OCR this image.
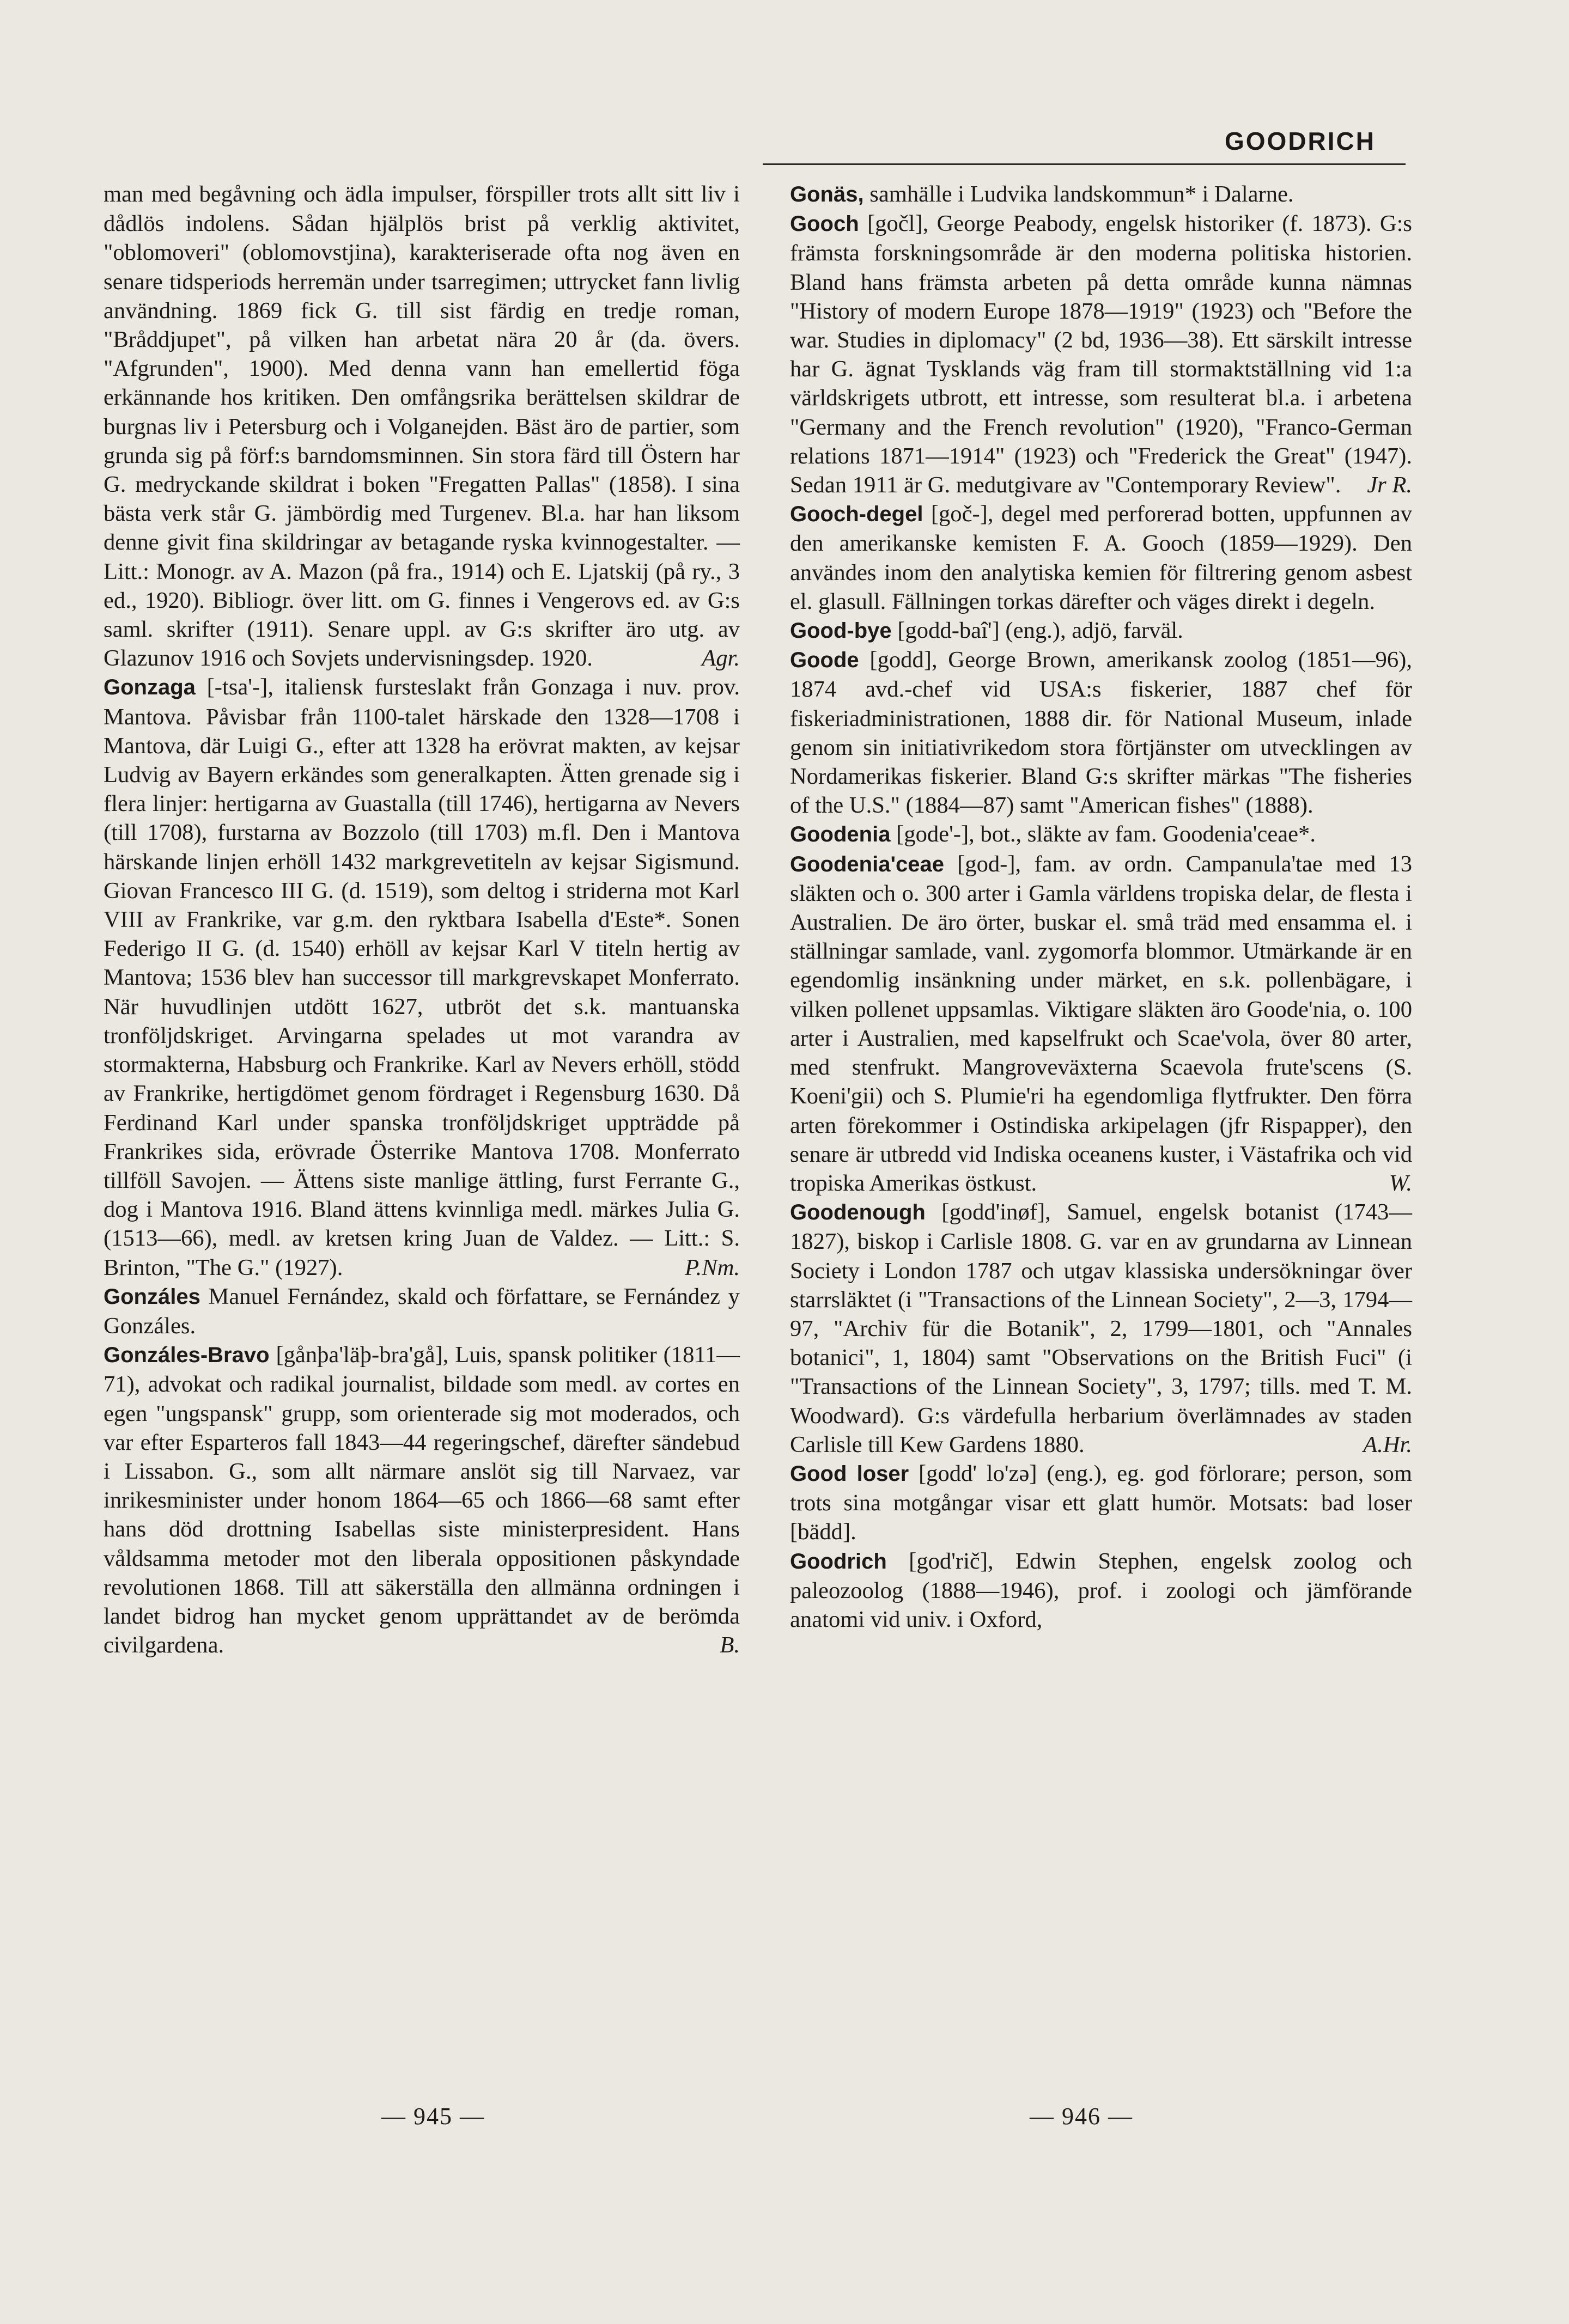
GOODRICH

man med begåvning och ädla impulser, förspiller trots allt sitt liv i dådlös indolens. Sådan hjälplös brist på verklig aktivitet, "oblomoveri" (oblomovstjina), karakteriserade ofta nog även en senare tidsperiods herremän under tsarregimen; uttrycket fann livlig användning. 1869 fick G. till sist färdig en tredje roman, "Bråddjupet", på vilken han arbetat nära 20 år (da. övers. "Afgrunden", 1900). Med denna vann han emellertid föga erkännande hos kritiken. Den omfångsrika berättelsen skildrar de burgnas liv i Petersburg och i Volganejden. Bäst äro de partier, som grunda sig på förf:s barndomsminnen. Sin stora färd till Östern har G. medryckande skildrat i boken "Fregatten Pallas" (1858). I sina bästa verk står G. jämbördig med Turgenev. Bl.a. har han liksom denne givit fina skildringar av betagande ryska kvinnogestalter. — Litt.: Monogr. av A. Mazon (på fra., 1914) och E. Ljatskij (på ry., 3 ed., 1920). Bibliogr. över litt. om G. finnes i Vengerovs ed. av G:s saml. skrifter (1911). Senare uppl. av G:s skrifter äro utg. av Glazunov 1916 och Sovjets undervisningsdep. 1920.	Agr.

Gonzaga [-tsa'-], italiensk fursteslakt från Gonzaga i nuv. prov. Mantova. Påvisbar från 1100-talet härskade den 1328—1708 i Mantova, där Luigi G., efter att 1328 ha erövrat makten, av kejsar Ludvig av Bayern erkändes som generalkapten. Ätten grenade sig i flera linjer: hertigarna av Guastalla (till 1746), hertigarna av Nevers (till 1708), furstarna av Bozzolo (till 1703) m.fl. Den i Mantova härskande linjen erhöll 1432 markgrevetiteln av kejsar Sigismund. Giovan Francesco III G. (d. 1519), som deltog i striderna mot Karl VIII av Frankrike, var g.m. den ryktbara Isabella d'Este*. Sonen Federigo II G. (d. 1540) erhöll av kejsar Karl V titeln hertig av Mantova; 1536 blev han successor till markgrevskapet Monferrato. När huvudlinjen utdött 1627, utbröt det s.k. mantuanska tronföljdskriget. Arvingarna spelades ut mot varandra av stormakterna, Habsburg och Frankrike. Karl av Nevers erhöll, stödd av Frankrike, hertigdömet genom fördraget i Regensburg 1630. Då Ferdinand Karl under spanska tronföljdskriget uppträdde på Frankrikes sida, erövrade Österrike Mantova 1708. Monferrato tillföll Savojen. — Ättens siste manlige ättling, furst Ferrante G., dog i Mantova 1916. Bland ättens kvinnliga medl. märkes Julia G. (1513—66), medl. av kretsen kring Juan de Valdez. — Litt.: S. Brinton, "The G." (1927).	P.Nm.

Gonzáles Manuel Fernández, skald och författare, se Fernández y Gonzáles.

Gonzáles-Bravo [gånþa'läþ-bra'gå], Luis, spansk politiker (1811—71), advokat och radikal journalist, bildade som medl. av cortes en egen "ungspansk" grupp, som orienterade sig mot moderados, och var efter Esparteros fall 1843—44 regeringschef, därefter sändebud i Lissabon. G., som allt närmare anslöt sig till Narvaez, var inrikesminister under honom 1864—65 och 1866—68 samt efter hans död drottning Isabellas siste ministerpresident. Hans våldsamma metoder mot den liberala oppositionen påskyndade revolutionen 1868. Till att säkerställa den allmänna ordningen i landet bidrog han mycket genom upprättandet av de berömda civilgardena.	B.

Gonäs, samhälle i Ludvika landskommun* i Dalarne.

Gooch [gočl], George Peabody, engelsk historiker (f. 1873). G:s främsta forskningsområde är den moderna politiska historien. Bland hans främsta arbeten på detta område kunna nämnas "History of modern Europe 1878—1919" (1923) och "Before the war. Studies in diplomacy" (2 bd, 1936—38). Ett särskilt intresse har G. ägnat Tysklands väg fram till stormaktställning vid 1:a världskrigets utbrott, ett intresse, som resulterat bl.a. i arbetena "Germany and the French revolution" (1920), "Franco-German relations 1871—1914" (1923) och "Frederick the Great" (1947). Sedan 1911 är G. medutgivare av "Contemporary Review". Jr R.

Gooch-degel [goč-], degel med perforerad botten, uppfunnen av den amerikanske kemisten F. A. Gooch (1859—1929). Den användes inom den analytiska kemien för filtrering genom asbest el. glasull. Fällningen torkas därefter och väges direkt i degeln.

Good-bye [godd-baî'] (eng.), adjö, farväl.

Goode [godd], George Brown, amerikansk zoolog (1851—96), 1874 avd.-chef vid USA:s fiskerier, 1887 chef för fiskeriadministrationen, 1888 dir. för National Museum, inlade genom sin initiativrikedom stora förtjänster om utvecklingen av Nordamerikas fiskerier. Bland G:s skrifter märkas "The fisheries of the U.S." (1884—87) samt "American fishes" (1888).

Goodenia [gode'-], bot., släkte av fam. Goodenia'ceae*.

Goodenia'ceae [god-], fam. av ordn. Campanula'tae med 13 släkten och o. 300 arter i Gamla världens tropiska delar, de flesta i Australien. De äro örter, buskar el. små träd med ensamma el. i ställningar samlade, vanl. zygomorfa blommor. Utmärkande är en egendomlig insänkning under märket, en s.k. pollenbägare, i vilken pollenet uppsamlas. Viktigare släkten äro Goode'nia, o. 100 arter i Australien, med kapselfrukt och Scae'vola, över 80 arter, med stenfrukt. Mangroveväxterna Scaevola frute'scens (S. Koeni'gii) och S. Plumie'ri ha egendomliga flytfrukter. Den förra arten förekommer i Ostindiska arkipelagen (jfr Rispapper), den senare är utbredd vid Indiska oceanens kuster, i Västafrika och vid tropiska Amerikas östkust.	W.

Goodenough [godd'inøf], Samuel, engelsk botanist (1743—1827), biskop i Carlisle 1808. G. var en av grundarna av Linnean Society i London 1787 och utgav klassiska undersökningar över starrsläktet (i "Transactions of the Linnean Society", 2—3, 1794—97, "Archiv für die Botanik", 2, 1799—1801, och "Annales botanici", 1, 1804) samt "Observations on the British Fuci" (i "Transactions of the Linnean Society", 3, 1797; tills. med T. M. Woodward). G:s värdefulla herbarium överlämnades av staden Carlisle till Kew Gardens 1880.	A.Hr.

Good loser [godd' lo'zə] (eng.), eg. god förlorare; person, som trots sina motgångar visar ett glatt humör. Motsats: bad loser [bädd].

Goodrich [god'rič], Edwin Stephen, engelsk zoolog och paleozoolog (1888—1946), prof. i zoologi och jämförande anatomi vid univ. i Oxford,

— 945 —	— 946 —
